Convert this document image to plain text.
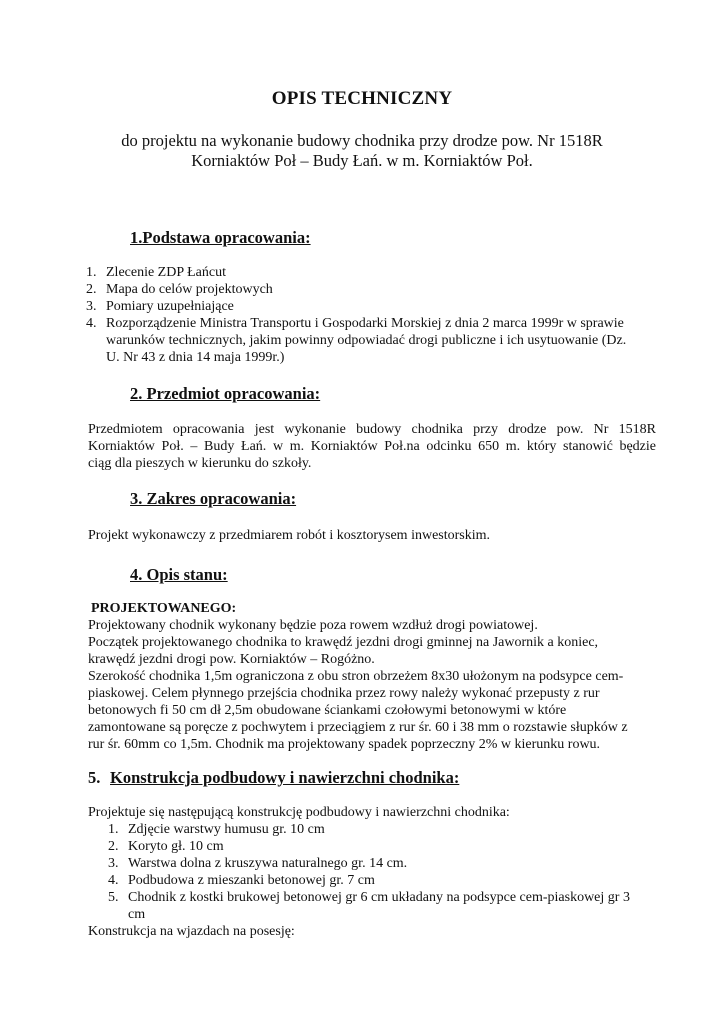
OPIS TECHNICZNY
do projektu na wykonanie budowy chodnika przy drodze pow. Nr 1518R
Korniaktów Poł – Budy Łań. w m. Korniaktów Poł.
1.Podstawa opracowania:
1. Zlecenie ZDP Łańcut
2. Mapa do celów projektowych
3. Pomiary uzupełniające
4. Rozporządzenie Ministra Transportu i Gospodarki Morskiej z dnia 2 marca 1999r w sprawie
warunków technicznych, jakim powinny odpowiadać drogi publiczne i ich usytuowanie (Dz.
U. Nr 43 z dnia 14 maja 1999r.)
2. Przedmiot opracowania:
Przedmiotem opracowania jest wykonanie budowy chodnika przy drodze pow. Nr 1518R
Korniaktów Poł. – Budy Łań. w m. Korniaktów Poł.na odcinku 650 m. który stanowić będzie
ciąg dla pieszych w kierunku do szkoły.
3. Zakres opracowania:
Projekt wykonawczy z przedmiarem robót i kosztorysem inwestorskim.
4. Opis stanu:
PROJEKTOWANEGO:
Projektowany chodnik wykonany będzie poza rowem wzdłuż drogi powiatowej.
Początek projektowanego chodnika to krawędź jezdni drogi gminnej na Jawornik a koniec,
krawędź jezdni drogi pow. Korniaktów – Rogóżno.
Szerokość chodnika 1,5m ograniczona z obu stron obrzeżem 8x30 ułożonym na podsypce cem-
piaskowej. Celem płynnego przejścia chodnika przez rowy należy wykonać przepusty z rur
betonowych fi 50 cm dł 2,5m obudowane ściankami czołowymi betonowymi w które
zamontowane są poręcze z pochwytem i przeciągiem z rur śr. 60 i 38 mm o rozstawie słupków z
rur śr. 60mm co 1,5m. Chodnik ma projektowany spadek poprzeczny 2% w kierunku rowu.
5. Konstrukcja podbudowy i nawierzchni chodnika:
Projektuje się następującą konstrukcję podbudowy i nawierzchni chodnika:
1. Zdjęcie warstwy humusu gr. 10 cm
2. Koryto gł. 10 cm
3. Warstwa dolna z kruszywa naturalnego gr. 14 cm.
4. Podbudowa z mieszanki betonowej gr. 7 cm
5. Chodnik z kostki brukowej betonowej gr 6 cm układany na podsypce cem-piaskowej gr 3
cm
Konstrukcja na wjazdach na posesję:
